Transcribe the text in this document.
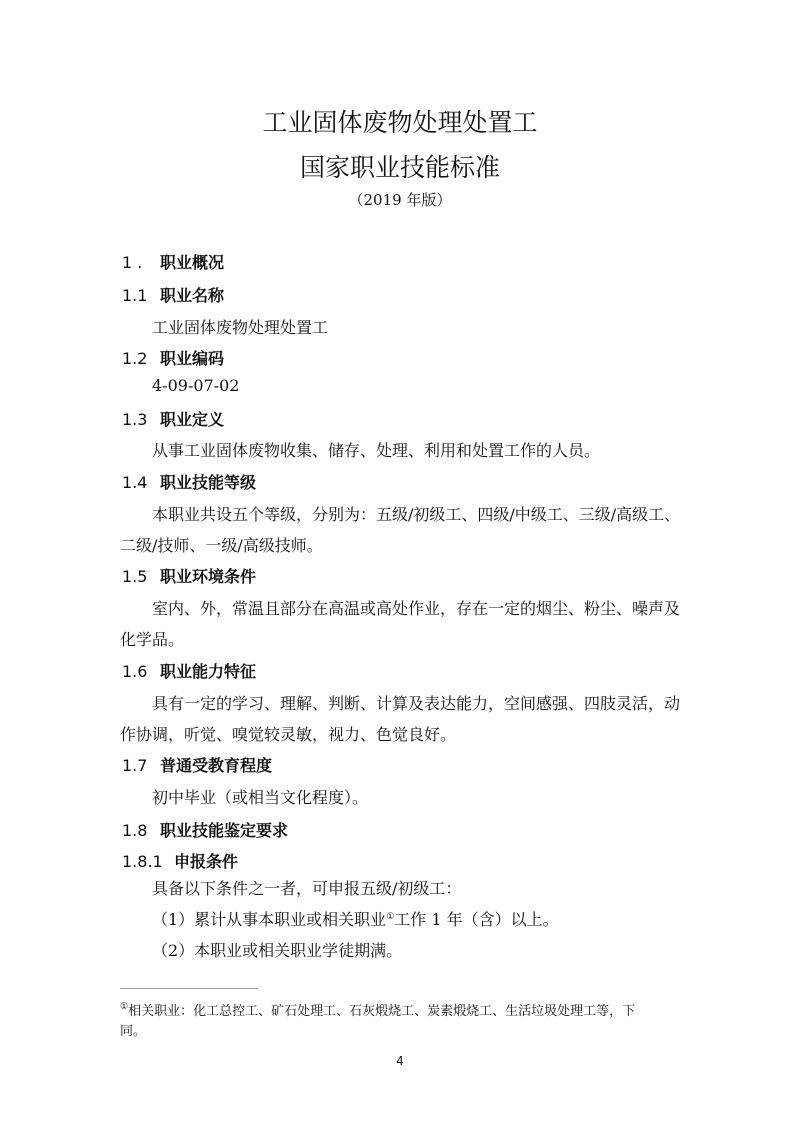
工业固体废物处理处置工
国家职业技能标准
（2019 年版）
1 . 职业概况
1.1 职业名称
工业固体废物处理处置工
1.2 职业编码
4-09-07-02
1.3 职业定义
从事工业固体废物收集、储存、处理、利用和处置工作的人员。
1.4 职业技能等级
本职业共设五个等级，分别为：五级/初级工、四级/中级工、三级/高级工、
二级/技师、一级/高级技师。
1.5 职业环境条件
室内、外，常温且部分在高温或高处作业，存在一定的烟尘、粉尘、噪声及
化学品。
1.6 职业能力特征
具有一定的学习、理解、判断、计算及表达能力，空间感强、四肢灵活，动
作协调，听觉、嗅觉较灵敏，视力、色觉良好。
1.7 普通受教育程度
初中毕业（或相当文化程度）。
1.8 职业技能鉴定要求
1.8.1 申报条件
具备以下条件之一者，可申报五级/初级工：
（1）累计从事本职业或相关职业①工作 1 年（含）以上。
（2）本职业或相关职业学徒期满。
①相关职业：化工总控工、矿石处理工、石灰煅烧工、炭素煅烧工、生活垃圾处理工等，下
同。
4
